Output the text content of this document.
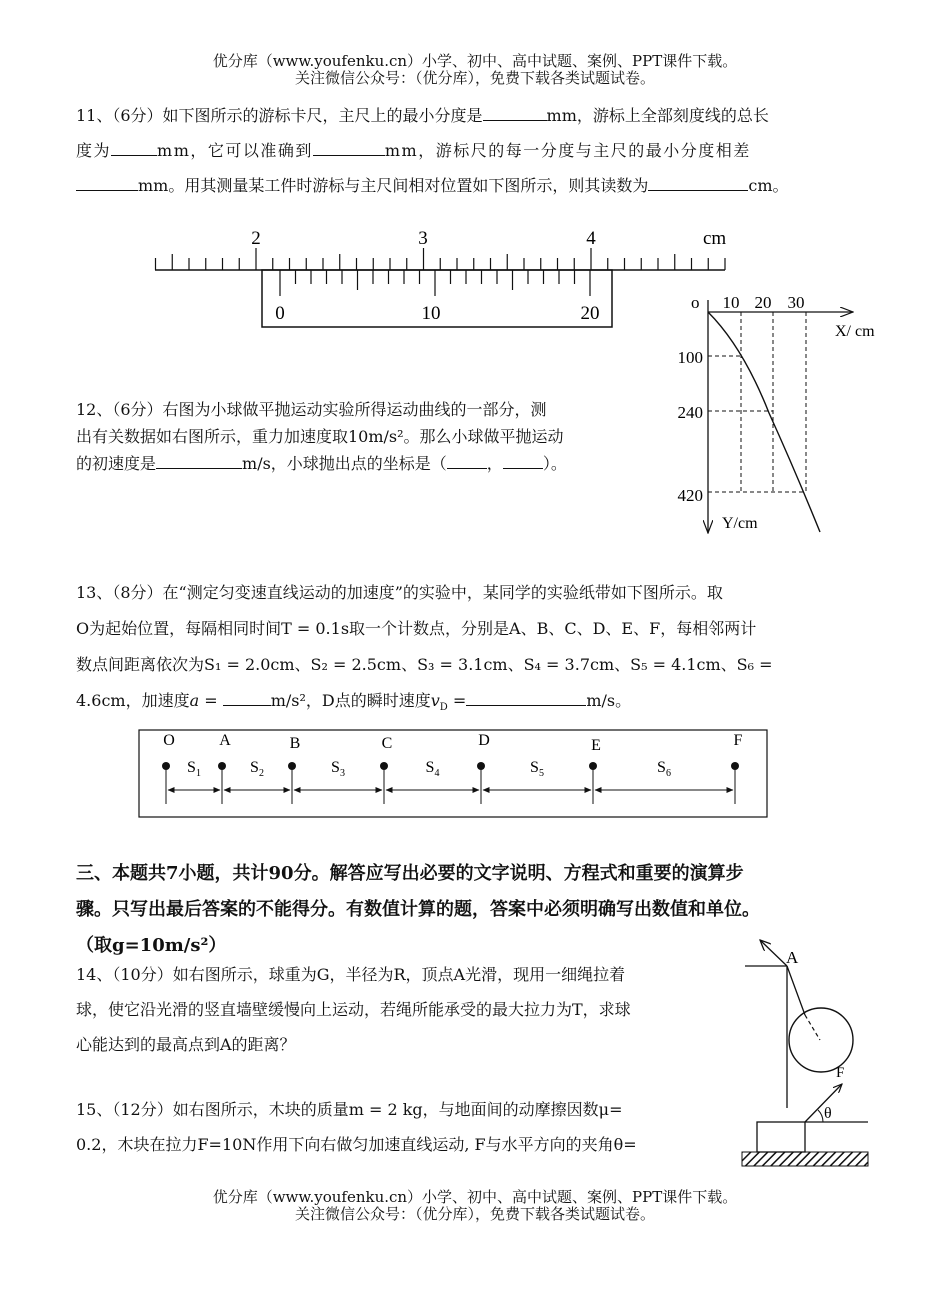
优分库（www.youfenku.cn）小学、初中、高中试题、案例、PPT课件下载。
关注微信公众号：（优分库），免费下载各类试题试卷。
11、（6分）如下图所示的游标卡尺，主尺上的最小分度是	mm，游标上全部刻度线的总长
度为	mm，它可以准确到	mm，游标尺的每一分度与主尺的最小分度相差
mm。用其测量某工件时游标与主尺间相对位置如下图所示，则其读数为	cm。
2	3	4	cm
0	10	20
12、（6分）右图为小球做平抛运动实验所得运动曲线的一部分，测
出有关数据如右图所示，重力加速度取10m/s²。那么小球做平抛运动
的初速度是	m/s，小球抛出点的坐标是（	，	）。
o 10 20 30
X/ cm
100
240
420
Y/cm
13、（8分）在“测定匀变速直线运动的加速度”的实验中，某同学的实验纸带如下图所示。取
O为起始位置，每隔相同时间T = 0.1s取一个计数点，分别是A、B、C、D、E、F，每相邻两计
数点间距离依次为S₁ = 2.0cm、S₂ = 2.5cm、S₃ = 3.1cm、S₄ = 3.7cm、S₅ = 4.1cm、S₆ =
4.6cm，加速度a =	m/s²，D点的瞬时速度$v_D$ =	m/s。
O	A	B	C	D	E	F
$S_1$	$S_2$	$S_3$	$S_4$	$S_5$	$S_6$
三、本题共7小题，共计90分。解答应写出必要的文字说明、方程式和重要的演算步
骤。只写出最后答案的不能得分。有数值计算的题，答案中必须明确写出数值和单位。
（取g=10m/s²）
14、（10分）如右图所示，球重为G，半径为R，顶点A光滑，现用一细绳拉着
球，使它沿光滑的竖直墙壁缓慢向上运动，若绳所能承受的最大拉力为T，求球
心能达到的最高点到A的距离？
A
15、（12分）如右图所示，木块的质量m = 2 kg，与地面间的动摩擦因数μ=
0.2，木块在拉力F=10N作用下向右做匀加速直线运动, F与水平方向的夹角θ=
F
θ
优分库（www.youfenku.cn）小学、初中、高中试题、案例、PPT课件下载。
关注微信公众号：（优分库），免费下载各类试题试卷。
